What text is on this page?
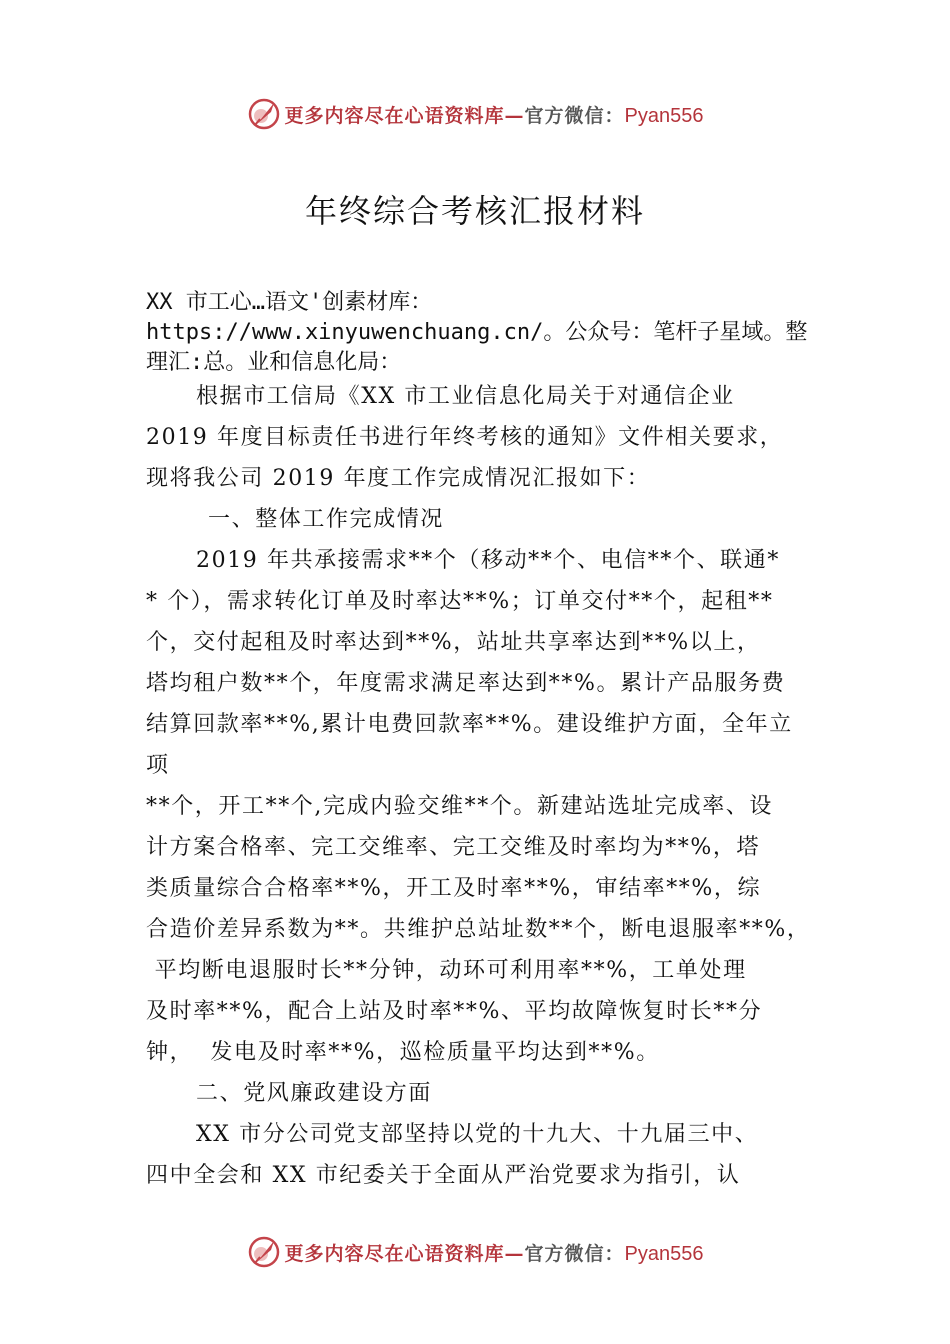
更多内容尽在心语资料库—官方微信：Pyan556
年终综合考核汇报材料
XX 市工心…语文'创素材库：
https://www.xinyuwenchuang.cn/。公众号：笔杆子星域。整
理汇:总。业和信息化局：
根据市工信局《XX 市工业信息化局关于对通信企业
2019 年度目标责任书进行年终考核的通知》文件相关要求，
现将我公司 2019 年度工作完成情况汇报如下：
一、整体工作完成情况
2019 年共承接需求**个（移动**个、电信**个、联通*
* 个），需求转化订单及时率达**%；订单交付**个，起租**
个，交付起租及时率达到**%，站址共享率达到**%以上，
塔均租户数**个，年度需求满足率达到**%。累计产品服务费
结算回款率**%,累计电费回款率**%。建设维护方面，全年立
项
**个，开工**个,完成内验交维**个。新建站选址完成率、设
计方案合格率、完工交维率、完工交维及时率均为**%，塔
类质量综合合格率**%，开工及时率**%，审结率**%，综
合造价差异系数为**。共维护总站址数**个，断电退服率**%，
平均断电退服时长**分钟，动环可利用率**%，工单处理
及时率**%，配合上站及时率**%、平均故障恢复时长**分
钟，  发电及时率**%，巡检质量平均达到**%。
二、党风廉政建设方面
XX 市分公司党支部坚持以党的十九大、十九届三中、
四中全会和 XX 市纪委关于全面从严治党要求为指引，认
更多内容尽在心语资料库—官方微信：Pyan556
